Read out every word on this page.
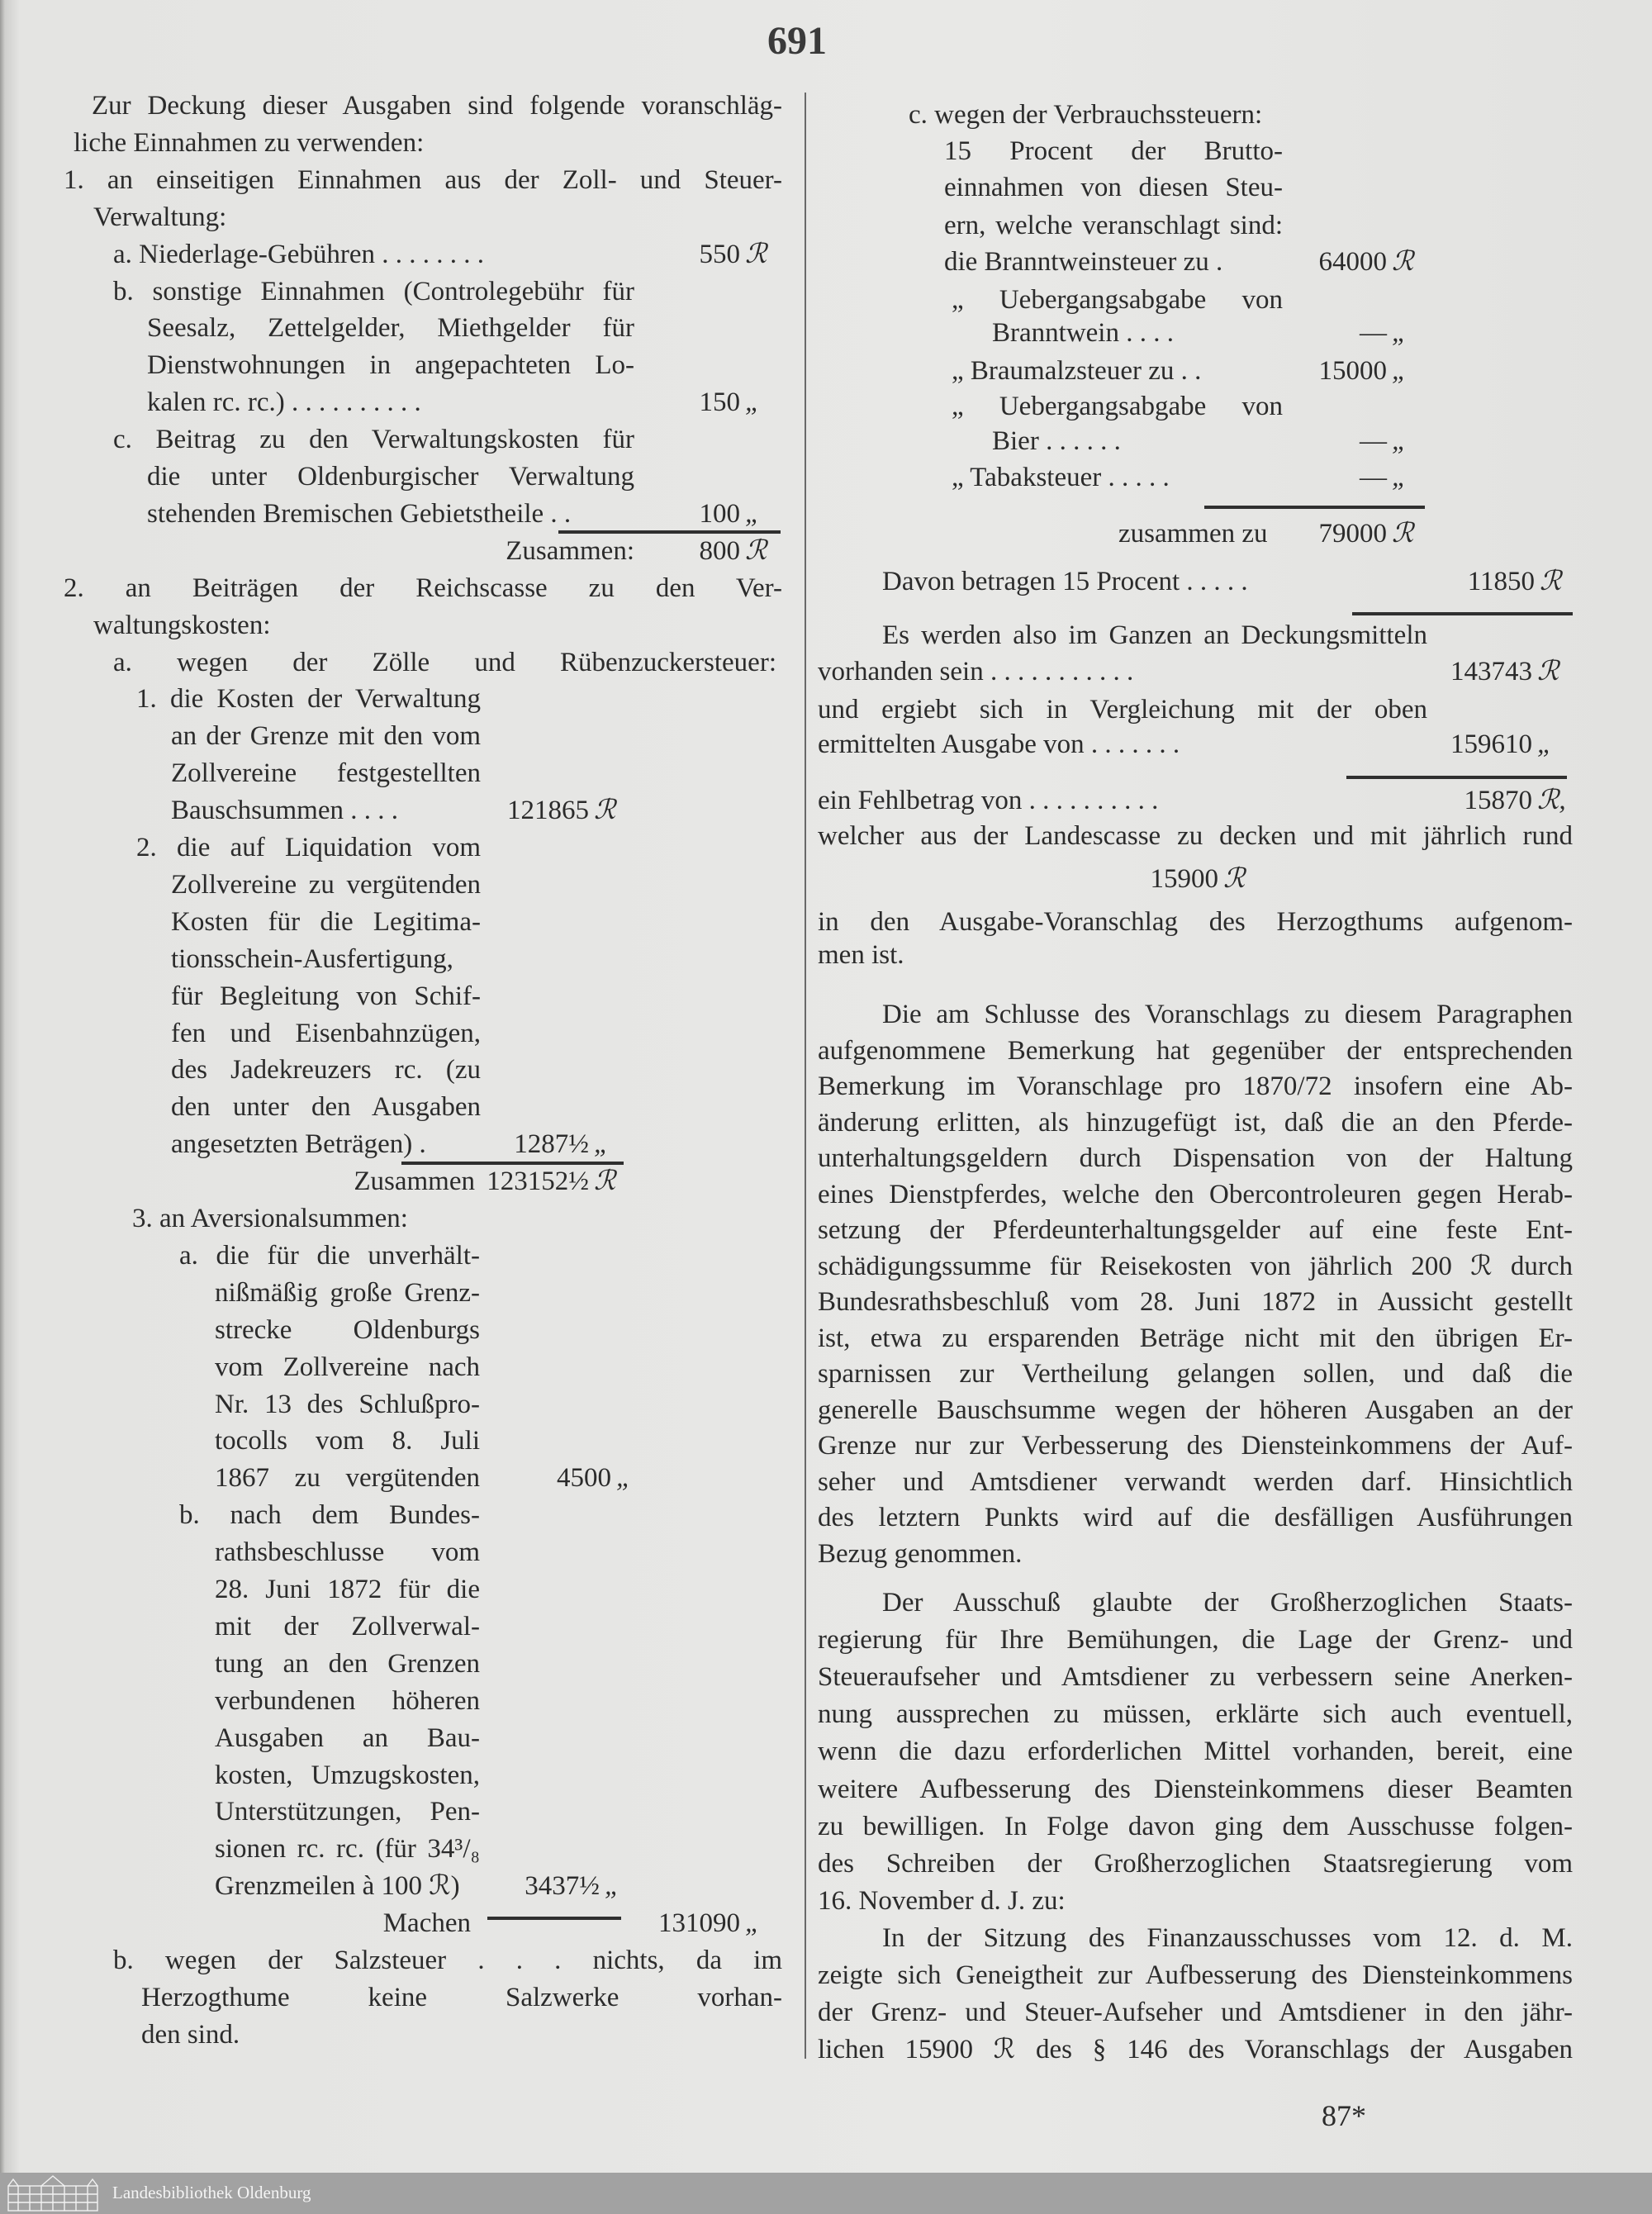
691
Zur Deckung dieser Ausgaben sind folgende voranschläg-
liche Einnahmen zu verwenden:
1. an einseitigen Einnahmen aus der Zoll- und Steuer-
Verwaltung:
a. Niederlage-Gebühren . . . . . . . .	550 ℛ
b. sonstige Einnahmen (Controlegebühr für
Seesalz, Zettelgelder, Miethgelder für
Dienstwohnungen in angepachteten Lo-
kalen rc. rc.) . . . . . . . . . .	150 „
c. Beitrag zu den Verwaltungskosten für
die unter Oldenburgischer Verwaltung
stehenden Bremischen Gebietstheile . .	100 „
Zusammen: 800 ℛ
2. an Beiträgen der Reichscasse zu den Ver-
waltungskosten:
a. wegen der Zölle und Rübenzuckersteuer:
1. die Kosten der Verwaltung
an der Grenze mit den vom
Zollvereine festgestellten
Bauschsummen . . . .	121865 ℛ
2. die auf Liquidation vom
Zollvereine zu vergütenden
Kosten für die Legitima-
tionsschein-Ausfertigung,
für Begleitung von Schif-
fen und Eisenbahnzügen,
des Jadekreuzers rc. (zu
den unter den Ausgaben
angesetzten Beträgen) .	1287½ „
Zusammen 123152½ ℛ
3. an Aversionalsummen:
a. die für die unverhält-
nißmäßig große Grenz-
strecke Oldenburgs
vom Zollvereine nach
Nr. 13 des Schlußpro-
tocolls vom 8. Juli
1867 zu vergütenden	4500 „
b. nach dem Bundes-
rathsbeschlusse vom
28. Juni 1872 für die
mit der Zollverwal-
tung an den Grenzen
verbundenen höheren
Ausgaben an Bau-
kosten, Umzugskosten,
Unterstützungen, Pen-
sionen rc. rc. (für 34³/₈
Grenzmeilen à 100 ℛ)	3437½ „
Machen	131090 „
b. wegen der Salzsteuer . . . nichts, da im
Herzogthume keine Salzwerke vorhan-
den sind.
c. wegen der Verbrauchssteuern:
15 Procent der Brutto-
einnahmen von diesen Steu-
ern, welche veranschlagt sind:
die Branntweinsteuer zu .	64000 ℛ
„ Uebergangsabgabe von
Branntwein . . . .	— „
„ Braumalzsteuer zu . .	15000 „
„ Uebergangsabgabe von
Bier . . . . . .	— „
„ Tabaksteuer . . . . .	— „
zusammen zu	79000 ℛ
Davon betragen 15 Procent . . . . .	11850 ℛ
Es werden also im Ganzen an Deckungsmitteln
vorhanden sein . . . . . . . . . . .	143743 ℛ
und ergiebt sich in Vergleichung mit der oben
ermittelten Ausgabe von . . . . . . .	159610 „
ein Fehlbetrag von . . . . . . . . . .	15870 ℛ,
welcher aus der Landescasse zu decken und mit jährlich rund
15900 ℛ
in den Ausgabe-Voranschlag des Herzogthums aufgenom-
men ist.
Die am Schlusse des Voranschlags zu diesem Paragraphen
aufgenommene Bemerkung hat gegenüber der entsprechenden
Bemerkung im Voranschlage pro 1870/72 insofern eine Ab-
änderung erlitten, als hinzugefügt ist, daß die an den Pferde-
unterhaltungsgeldern durch Dispensation von der Haltung
eines Dienstpferdes, welche den Obercontroleuren gegen Herab-
setzung der Pferdeunterhaltungsgelder auf eine feste Ent-
schädigungssumme für Reisekosten von jährlich 200 ℛ durch
Bundesrathsbeschluß vom 28. Juni 1872 in Aussicht gestellt
ist, etwa zu ersparenden Beträge nicht mit den übrigen Er-
sparnissen zur Vertheilung gelangen sollen, und daß die
generelle Bauschsumme wegen der höheren Ausgaben an der
Grenze nur zur Verbesserung des Diensteinkommens der Auf-
seher und Amtsdiener verwandt werden darf. Hinsichtlich
des letztern Punkts wird auf die desfälligen Ausführungen
Bezug genommen.
Der Ausschuß glaubte der Großherzoglichen Staats-
regierung für Ihre Bemühungen, die Lage der Grenz- und
Steueraufseher und Amtsdiener zu verbessern seine Anerken-
nung aussprechen zu müssen, erklärte sich auch eventuell,
wenn die dazu erforderlichen Mittel vorhanden, bereit, eine
weitere Aufbesserung des Diensteinkommens dieser Beamten
zu bewilligen. In Folge davon ging dem Ausschusse folgen-
des Schreiben der Großherzoglichen Staatsregierung vom
16. November d. J. zu:
In der Sitzung des Finanzausschusses vom 12. d. M.
zeigte sich Geneigtheit zur Aufbesserung des Diensteinkommens
der Grenz- und Steuer-Aufseher und Amtsdiener in den jähr-
lichen 15900 ℛ des § 146 des Voranschlags der Ausgaben
87*
Landesbibliothek Oldenburg
